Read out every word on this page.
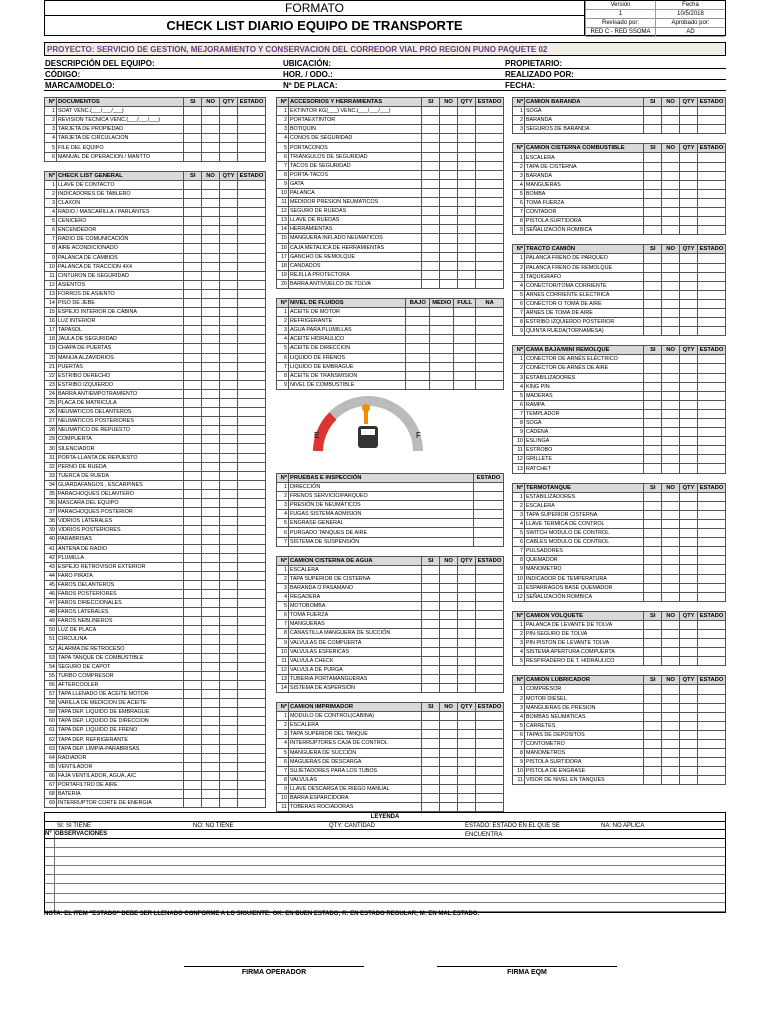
FORMATO
CHECK LIST DIARIO EQUIPO DE TRANSPORTE
Versión	Fecha
1	10/5/2018
Revisado por:	Aprobado por:
RED C - RED SSOMA	AD
PROYECTO: SERVICIO DE GESTION, MEJORAMIENTO Y CONSERVACION DEL CORREDOR VIAL PRO REGION PUNO PAQUETE 02
DESCRIPCIÓN DEL EQUIPO:	UBICACIÓN:	PROPIETARIO:
CÓDIGO:	HOR. / ODO.:	REALIZADO POR:
MARCA/MODELO:	Nº DE PLACA:	FECHA:
Nº	DOCUMENTOS	SI	NO	QTY	ESTADO
1	SOAT VENC.(___/___/___)				
2	REVISION TECNICA VENC.(___/___/___)				
3	TARJETA DE PROPIEDAD				
4	TARJETA DE CIRCULACION				
5	FILE DEL EQUIPO				
6	MANUAL DE OPERACION / MANTTO				
Nº	CHECK LIST GENERAL	SI	NO	QTY	ESTADO
1	LLAVE DE CONTACTO				
2	INDICADORES DE TABLERO				
3	CLAXON				
4	RADIO / MASCARILLA / PARLANTES				
5	CENICERO				
6	ENCENDEDOR				
7	RADIO DE COMUNICACIÓN				
8	AIRE ACONDICIONADO				
9	PALANCA DE CAMBIOS				
10	PALANCA DE TRACCION 4X4				
11	CINTURON DE SEGURIDAD				
12	ASIENTOS				
13	FORROS DE ASIENTO				
14	PISO DE JEBE				
15	ESPEJO INTERIOR DE CABINA				
16	LUZ INTERIOR				
17	TAPASOL				
18	JAULA DE SEGURIDAD				
19	CHAPA DE PUERTAS				
20	MANIJA ALZAVIDRIOS				
21	PUERTAS				
22	ESTRIBO DERECHO				
23	ESTRIBO IZQUIERDO				
24	BARRA ANTIEMPOTRAMIENTO				
25	PLACA DE MATRICULA				
26	NEUMATICOS DELANTEROS				
27	NEUMATICOS POSTERIORES				
28	NEUMATICO DE REPUESTO				
29	COMPUERTA				
30	SILENCIADOR				
31	PORTA-LLANTA DE REPUESTO				
32	PERNO DE RUEDA				
33	TUERCA DE RUEDA				
34	GUARDAFANGOS , ESCARPINES				
35	PARACHOQUES DELANTERO				
36	MASCARA DEL EQUIPO				
37	PARACHOQUES POSTERIOR				
38	VIDRIOS LATERALES				
39	VIDRIOS POSTERIORES				
40	PARABRISAS				
41	ANTENA DE RADIO				
42	PLUMILLA				
43	ESPEJO RETROVISOR EXTERIOR				
44	FARO PIRATA				
45	FAROS DELANTEROS				
46	FAROS POSTERIORES				
47	FAROS DIRECCIONALES				
48	FAROS LATERALES				
49	FAROS NEBLINEROS				
50	LUZ DE PLACA				
51	CIRCULINA				
52	ALARMA DE RETROCESO				
53	TAPA TANQUE DE COMBUSTIBLE				
54	SEGURO DE CAPOT				
55	TURBO COMPRESOR				
56	AFTERCOOLER				
57	TAPA LLENADO DE ACEITE MOTOR				
58	VARILLA DE MEDICION DE ACEITE				
59	TAPA DEP. LIQUIDO DE EMBRAGUE				
60	TAPA DEP. LIQUIDO DE DIRECCION				
61	TAPA DEP. LIQUIDO DE FRENO				
62	TAPA DEP. REFRIGERANTE				
63	TAPA DEP. LIMPIA-PARABRISAS				
64	RADIADOR				
65	VENTILADOR				
66	FAJA VENTILADOR, AGUA, A/C				
67	PORTAFILTRO DE AIRE				
68	BATERIA				
69	INTERRUPTOR CORTE DE ENERGIA				
Nº	ACCESORIOS Y HERRAMIENTAS	SI	NO	QTY	ESTADO
1	EXTINTOR KG(___) VENC.(___/___/___)				
2	PORTAEXTINTOR				
3	BOTIQUIN				
4	CONOS DE SEGURIDAD				
5	PORTACONOS				
6	TRIANGULOS DE SEGURIDAD				
7	TACOS DE SEGURIDAD				
8	PORTA-TACOS				
9	GATA				
10	PALANCA				
11	MEDIDOR PRESION NEUMATICOS				
12	SEGURO DE RUEDAS				
13	LLAVE DE RUEDAS				
14	HERRAMIENTAS				
15	MANGUERA INFLADO NEUMATICOS				
16	CAJA METALICA DE HERRAMIENTAS				
17	GANCHO DE REMOLQUE				
18	CANDADOS				
19	REJILLA PROTECTORA				
20	BARRA ANTIVUELCO DE TOLVA				
Nº	NIVEL DE FLUIDOS	BAJO	MEDIO	FULL	NA
1	ACEITE DE MOTOR				
2	REFRIGERANTE				
3	AGUA PARA PLUMILLAS				
4	ACEITE HIDRAULICO				
5	ACEITE DE DIRECCION				
6	LIQUIDO DE FRENOS				
7	LIQUIDO DE EMBRAGUE				
8	ACEITE DE TRANSMISION				
9	NIVEL DE COMBUSTIBLE				
E	F
Nº	PRUEBAS E INSPECCIÓN	ESTADO
1	DIRECCIÓN	
2	FRENOS SERVICIO/PARQUEO	
3	PRESIÓN DE NEUMÁTICOS	
4	FUGAS SISTEMA ADMISION	
5	ENGRASE GENERAL	
6	PURGADO TANQUES DE AIRE	
7	SISTEMA DE SUSPENSIÓN	
Nº	CAMION CISTERNA DE AGUA	SI	NO	QTY	ESTADO
1	ESCALERA				
2	TAPA SUPERIOR DE CISTERNA				
3	BARANDA O PASAMANO				
4	REGADERA				
5	MOTOBOMBA				
6	TOMA FUERZA				
7	MANGUERAS				
8	CANASTILLA MANGUERA DE SUCCIÓN				
9	VALVULAS DE COMPUERTA				
10	VALVULAS ESFERICAS				
11	VALVULA CHECK				
12	VALVULA DE PURGA				
13	TUBERIA PORTAMANGUERAS				
14	SISTEMA DE ASPERSIÓN				
Nº	CAMION IMPRIMADOR	SI	NO	QTY	ESTADO
1	MODULO DE CONTROL(CABINA)				
2	ESCALERA				
3	TAPA SUPERIOR DEL TANQUE				
4	INTERRUPTORES CAJA DE CONTROL				
5	MANGUERA DE SUCCIÓN				
6	MAGUERAS DE DESCARGA				
7	SUJETADORES PARA LOS TUBOS				
8	VALVULAS				
9	LLAVE DESCARGA DE RIEGO MANUAL				
10	BARRA ESPARCIDORA				
11	TOBERAS ROCIADORAS				
Nº	CAMION BARANDA	SI	NO	QTY	ESTADO
1	SOGA				
2	BARANDA				
3	SEGUROS DE BARANDA				
Nº	CAMION CISTERNA COMBUSTIBLE	SI	NO	QTY	ESTADO
1	ESCALERA				
2	TAPA DE CISTERNA				
3	BARANDA				
4	MANGUERAS				
5	BOMBA				
6	TOMA FUERZA				
7	CONTADOR				
8	PISTOLA SURTIDORA				
9	SEÑALIZACIÓN ROMBICA				
Nº	TRACTO CAMIÓN	SI	NO	QTY	ESTADO
1	PALANCA FRENO DE PARQUEO				
2	PALANCA FRENO DE REMOLQUE				
3	TAQUIGRAFO				
4	CONECTOR/TOMA CORRIENTE				
5	ARNES CORRIENTE ELECTRICA				
6	CONECTOR O TOMA DE AIRE				
7	ARNES DE TOMA DE AIRE				
8	ESTRIBO IZQUIERDO POSTERIOR				
9	QUINTA RUEDA(TORNAMESA)				
Nº	CAMA BAJA/MINI REMOLQUE	SI	NO	QTY	ESTADO
1	CONECTOR DE ARNÉS ELÉCTRICO				
2	CONECTOR DE ARNÉS DE AIRE				
3	ESTABILIZADORES				
4	KING PIN				
5	MADERAS				
6	RAMPA				
7	TEMPLADOR				
8	SOGA				
9	CADENA				
10	ESLINGA				
11	ESTROBO				
12	GRILLETE				
13	RATCHET				
Nº	TERMOTANQUE	SI	NO	QTY	ESTADO
1	ESTABILIZADORES				
2	ESCALERA				
3	TAPA SUPERIOR CISTERNA				
4	LLAVE TERMICA DE CONTROL				
5	SWITCH MODULO DE CONTROL				
6	CABLES MODULO DE CONTROL				
7	PULSADORES				
8	QUEMADOR				
9	MANOMETRO				
10	INDICADOR DE TEMPERATURA				
11	ESPARRAGOS BASE QUEMADOR				
12	SEÑALIZACIÓN ROMBICA				
Nº	CAMION VOLQUETE	SI	NO	QTY	ESTADO
1	PALANCA DE LEVANTE DE TOLVA				
2	PIN-SEGURO DE TOLVA				
3	PIN PISTON DE LEVANTE TOLVA				
4	SISTEMA APERTURA COMPUERTA				
5	RESPIRADERO DE T. HIDRÁULICO				
Nº	CAMION LUBRICADOR	SI	NO	QTY	ESTADO
1	COMPRESOR				
2	MOTOR DIESEL				
3	MANGUERAS DE PRESION				
4	BOMBAS NEUMATICAS				
5	CARRETES				
6	TAPAS DE DEPOSITOS				
7	CONTOMETRO				
8	MANOMETROS				
9	PISTOLA SURTIDORA				
10	PISTOLA DE ENGRASE				
11	VISOR DE NIVEL EN TANQUES				
LEYENDA
SI: SI TIENE	NO: NO TIENE	QTY: CANTIDAD	ESTADO: ESTADO EN EL QUE SE ENCUENTRA
NA: NO APLICA
Nº OBSERVACIONES
NOTA: EL ITEM "ESTADO" DEBE SER LLENADO CONFORME A LO SIGUIENTE: OK: EN BUEN ESTADO; R: EN ESTADO REGULAR; M: EN MAL ESTADO.
FIRMA OPERADOR	FIRMA EQM
